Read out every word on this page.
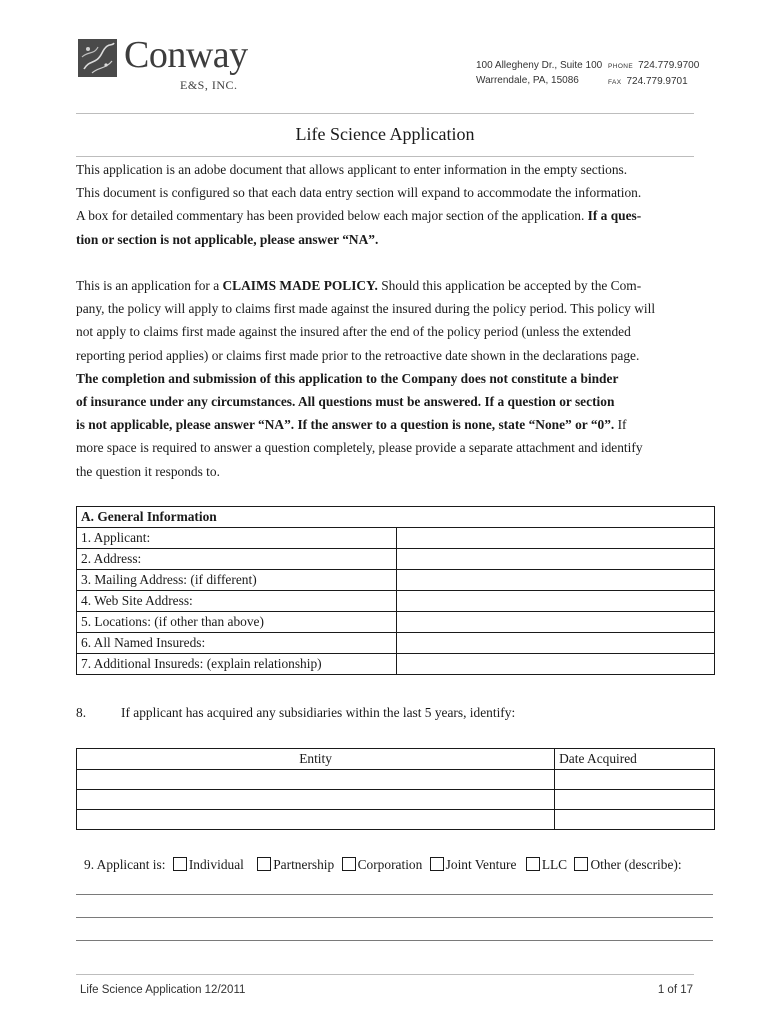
Conway
E&S, INC.
100 Allegheny Dr., Suite 100
Warrendale, PA, 15086
PHONE 724.779.9700
FAX 724.779.9701
Life Science Application
This application is an adobe document that allows applicant to enter information in the empty sections.
This document is configured so that each data entry section will expand to accommodate the information.
A box for detailed commentary has been provided below each major section of the application. If a ques-
tion or section is not applicable, please answer “NA”.
This is an application for a CLAIMS MADE POLICY. Should this application be accepted by the Com-
pany, the policy will apply to claims first made against the insured during the policy period. This policy will
not apply to claims first made against the insured after the end of the policy period (unless the extended
reporting period applies) or claims first made prior to the retroactive date shown in the declarations page.
The completion and submission of this application to the Company does not constitute a binder
of insurance under any circumstances. All questions must be answered. If a question or section
is not applicable, please answer “NA”. If the answer to a question is none, state “None” or “0”. If
more space is required to answer a question completely, please provide a separate attachment and identify
the question it responds to.
A. General Information	
1. Applicant:	
2. Address:	
3. Mailing Address: (if different)	
4. Web Site Address:	
5. Locations: (if other than above)	
6. All Named Insureds:	
7. Additional Insureds: (explain relationship)	
8.	If applicant has acquired any subsidiaries within the last 5 years, identify:
Entity	Date Acquired

9. Applicant is: Individual Partnership Corporation Joint Venture LLC Other (describe):
Life Science Application 12/2011	1 of 17
